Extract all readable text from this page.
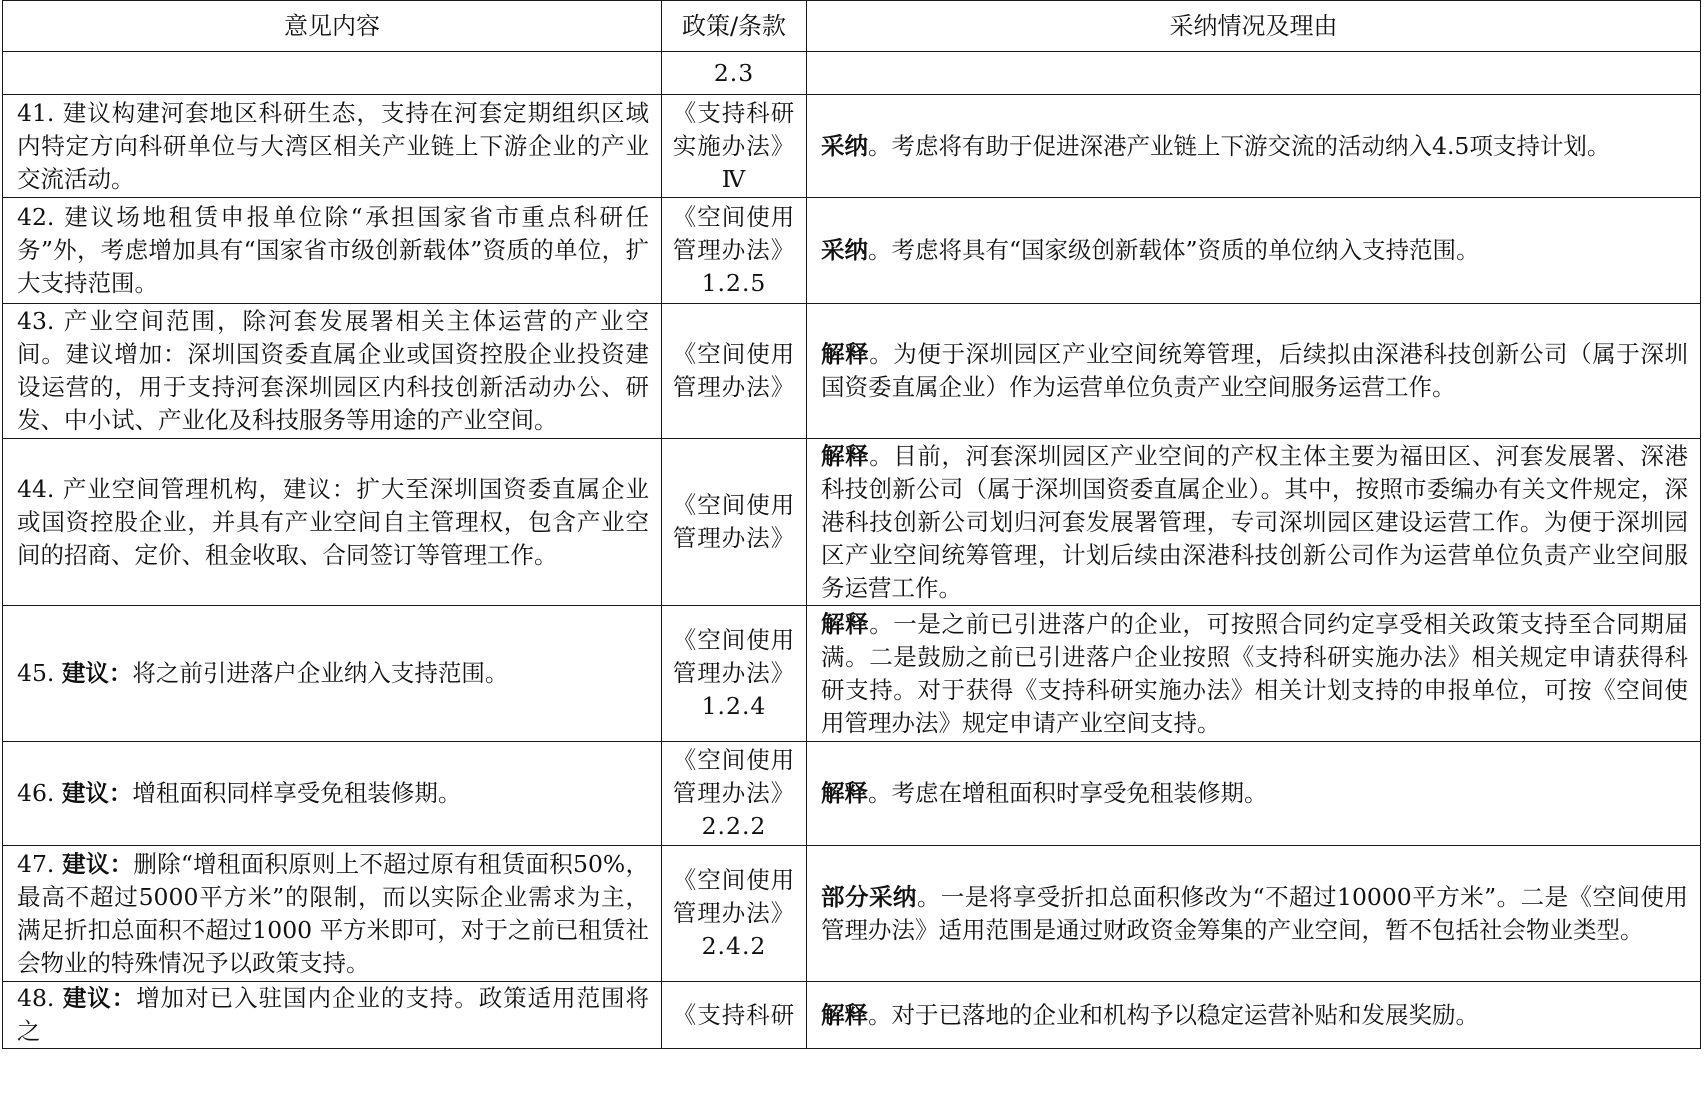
意见内容	政策/条款	采纳情况及理由

	2.3	

41. 建议构建河套地区科研生态，支持在河套定期组织区域内特定方向科研单位与大湾区相关产业链上下游企业的产业交流活动。	《支持科研
实施办法》
Ⅳ	采纳。考虑将有助于促进深港产业链上下游交流的活动纳入4.5项支持计划。
42. 建议场地租赁申报单位除“承担国家省市重点科研任务”外，考虑增加具有“国家省市级创新载体”资质的单位，扩大支持范围。	《空间使用
管理办法》
1.2.5	采纳。考虑将具有“国家级创新载体”资质的单位纳入支持范围。
43. 产业空间范围，除河套发展署相关主体运营的产业空间。建议增加：深圳国资委直属企业或国资控股企业投资建设运营的，用于支持河套深圳园区内科技创新活动办公、研发、中小试、产业化及科技服务等用途的产业空间。	《空间使用
管理办法》	解释。为便于深圳园区产业空间统筹管理，后续拟由深港科技创新公司（属于深圳国资委直属企业）作为运营单位负责产业空间服务运营工作。
44. 产业空间管理机构，建议：扩大至深圳国资委直属企业或国资控股企业，并具有产业空间自主管理权，包含产业空间的招商、定价、租金收取、合同签订等管理工作。	《空间使用
管理办法》	解释。目前，河套深圳园区产业空间的产权主体主要为福田区、河套发展署、深港科技创新公司（属于深圳国资委直属企业）。其中，按照市委编办有关文件规定，深港科技创新公司划归河套发展署管理，专司深圳园区建设运营工作。为便于深圳园区产业空间统筹管理，计划后续由深港科技创新公司作为运营单位负责产业空间服务运营工作。
45. 建议：将之前引进落户企业纳入支持范围。	《空间使用
管理办法》
1.2.4	解释。一是之前已引进落户的企业，可按照合同约定享受相关政策支持至合同期届满。二是鼓励之前已引进落户企业按照《支持科研实施办法》相关规定申请获得科研支持。对于获得《支持科研实施办法》相关计划支持的申报单位，可按《空间使用管理办法》规定申请产业空间支持。
46. 建议：增租面积同样享受免租装修期。	《空间使用
管理办法》
2.2.2	解释。考虑在增租面积时享受免租装修期。
47. 建议：删除“增租面积原则上不超过原有租赁面积50%，最高不超过5000平方米”的限制，而以实际企业需求为主，满足折扣总面积不超过1000 平方米即可，对于之前已租赁社会物业的特殊情况予以政策支持。	《空间使用
管理办法》
2.4.2	部分采纳。一是将享受折扣总面积修改为“不超过10000平方米”。二是《空间使用管理办法》适用范围是通过财政资金筹集的产业空间，暂不包括社会物业类型。
48. 建议：增加对已入驻国内企业的支持。政策适用范围将之	《支持科研	解释。对于已落地的企业和机构予以稳定运营补贴和发展奖励。
